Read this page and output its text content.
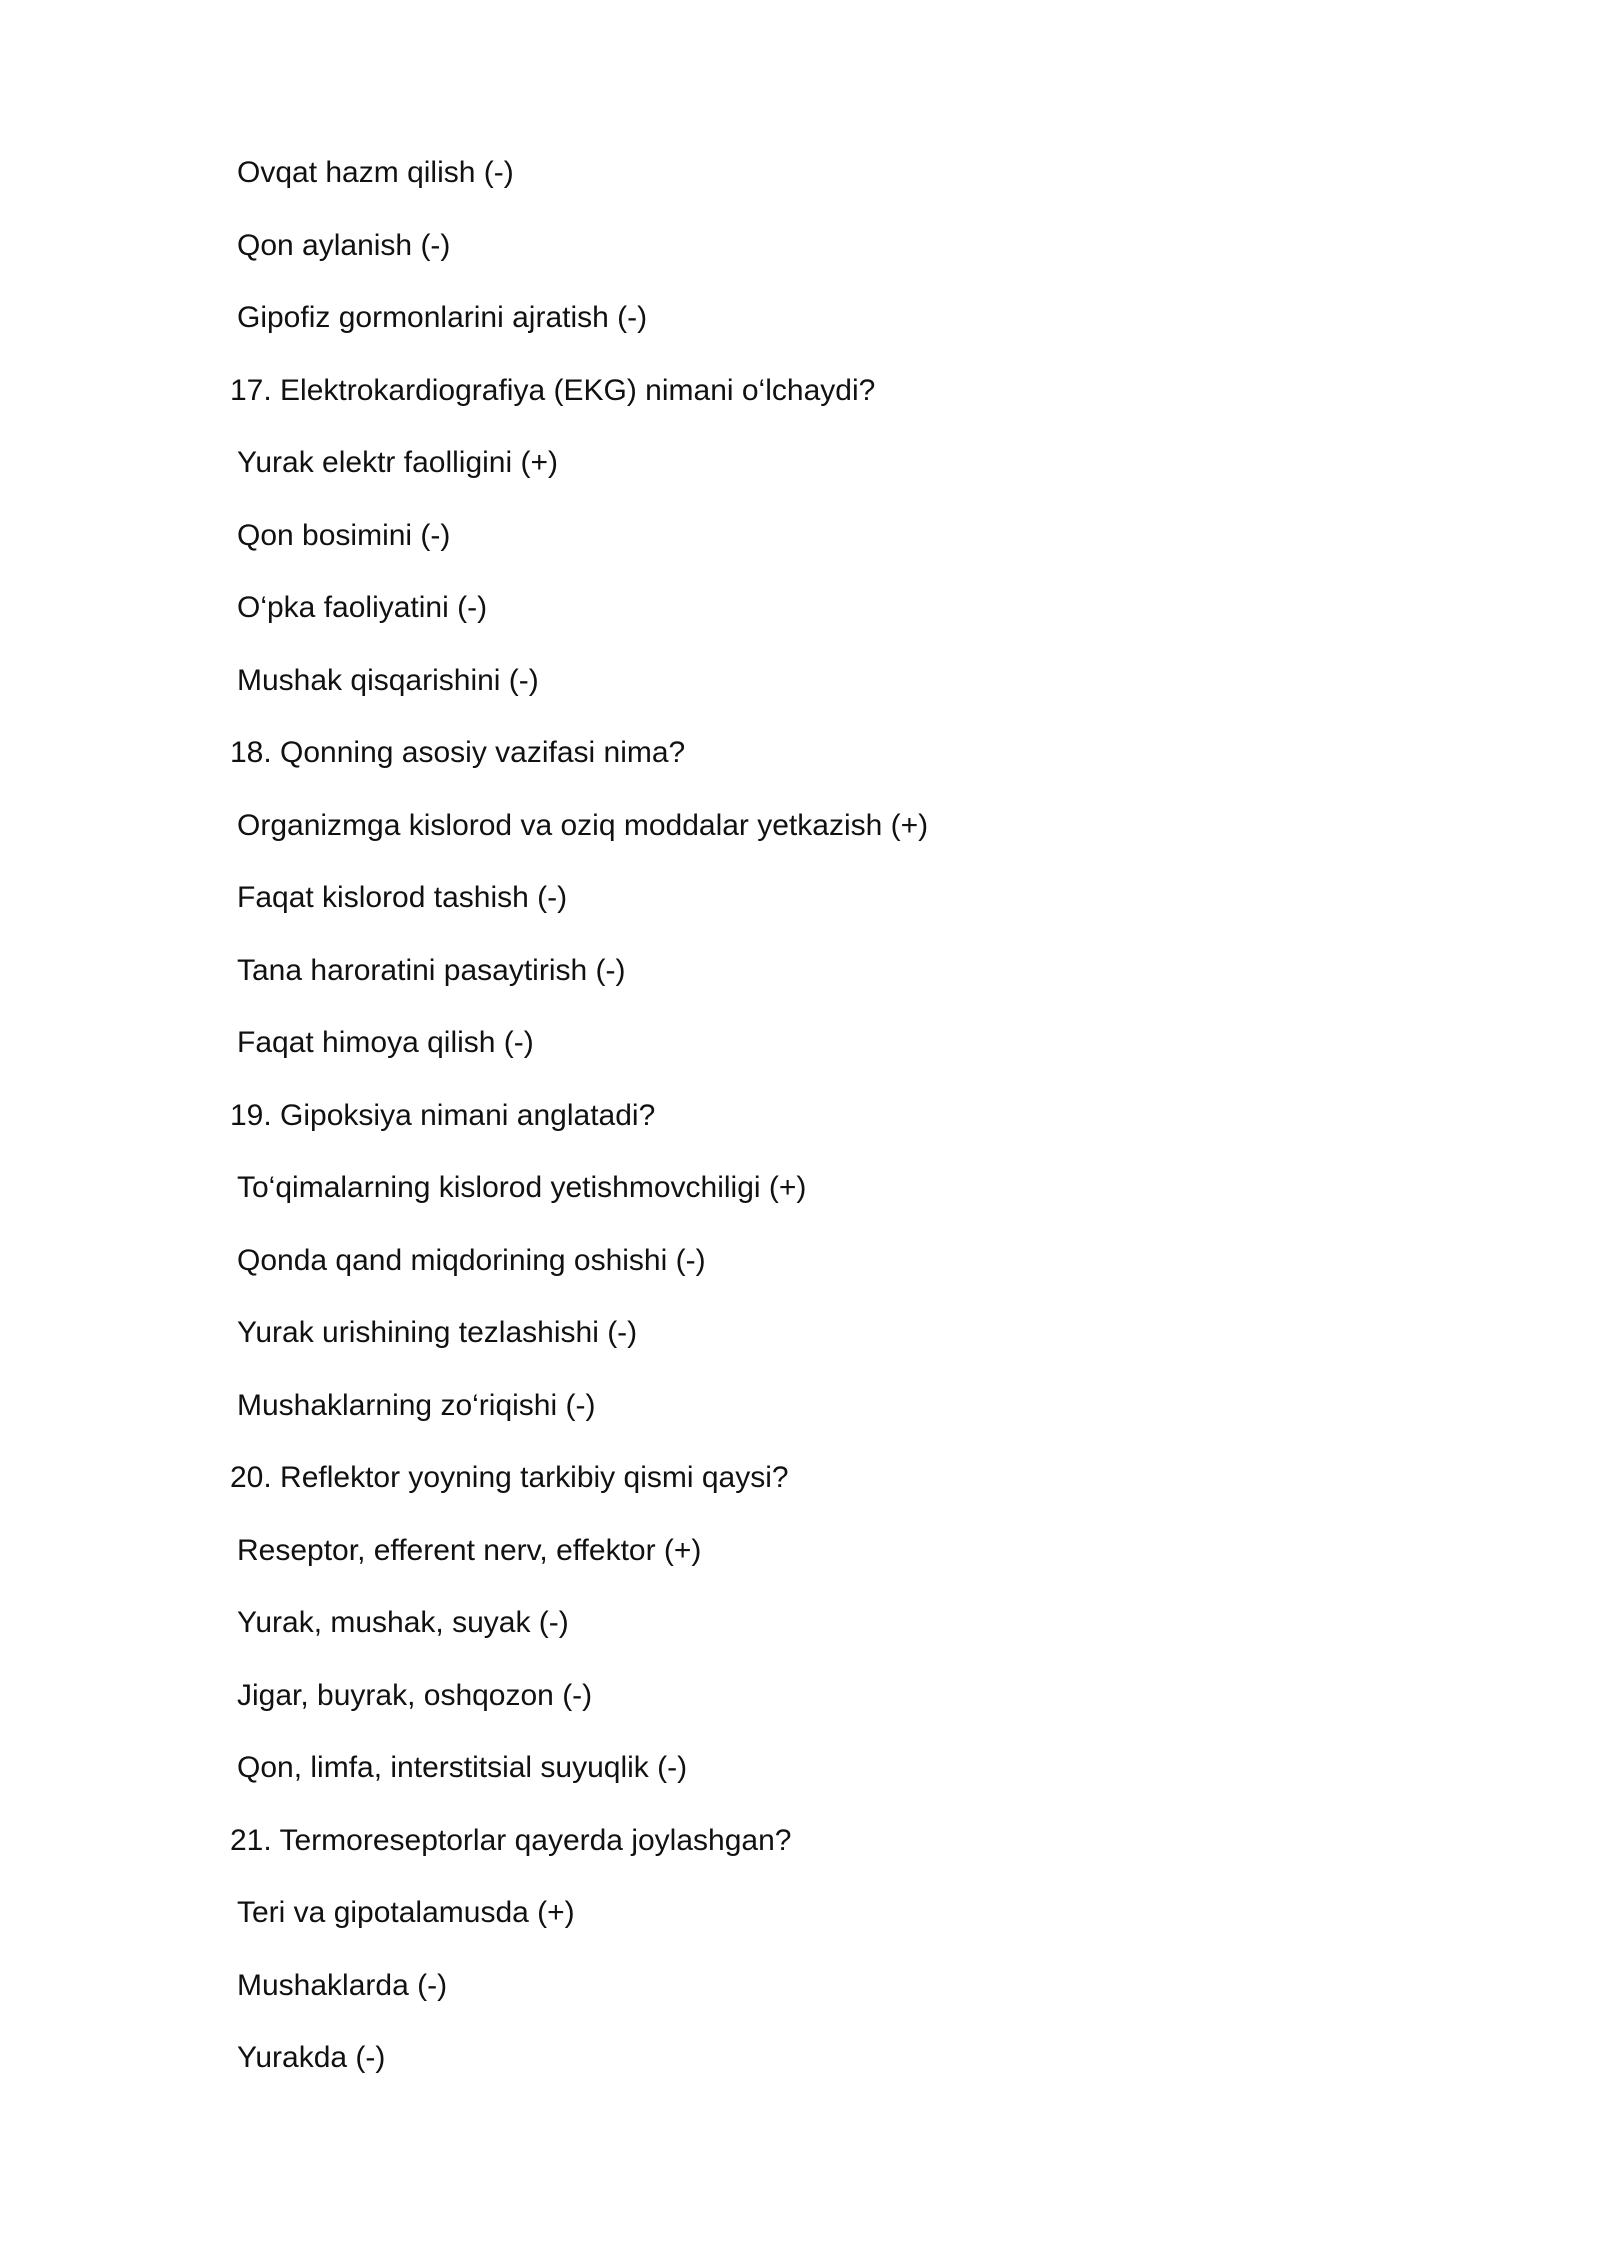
Ovqat hazm qilish (-)
Qon aylanish (-)
Gipofiz gormonlarini ajratish (-)
17. Elektrokardiografiya (EKG) nimani o‘lchaydi?
Yurak elektr faolligini (+)
Qon bosimini (-)
O‘pka faoliyatini (-)
Mushak qisqarishini (-)
18. Qonning asosiy vazifasi nima?
Organizmga kislorod va oziq moddalar yetkazish (+)
Faqat kislorod tashish (-)
Tana haroratini pasaytirish (-)
Faqat himoya qilish (-)
19. Gipoksiya nimani anglatadi?
To‘qimalarning kislorod yetishmovchiligi (+)
Qonda qand miqdorining oshishi (-)
Yurak urishining tezlashishi (-)
Mushaklarning zo‘riqishi (-)
20. Reflektor yoyning tarkibiy qismi qaysi?
Reseptor, efferent nerv, effektor (+)
Yurak, mushak, suyak (-)
Jigar, buyrak, oshqozon (-)
Qon, limfa, interstitsial suyuqlik (-)
21. Termoreseptorlar qayerda joylashgan?
Teri va gipotalamusda (+)
Mushaklarda (-)
Yurakda (-)
